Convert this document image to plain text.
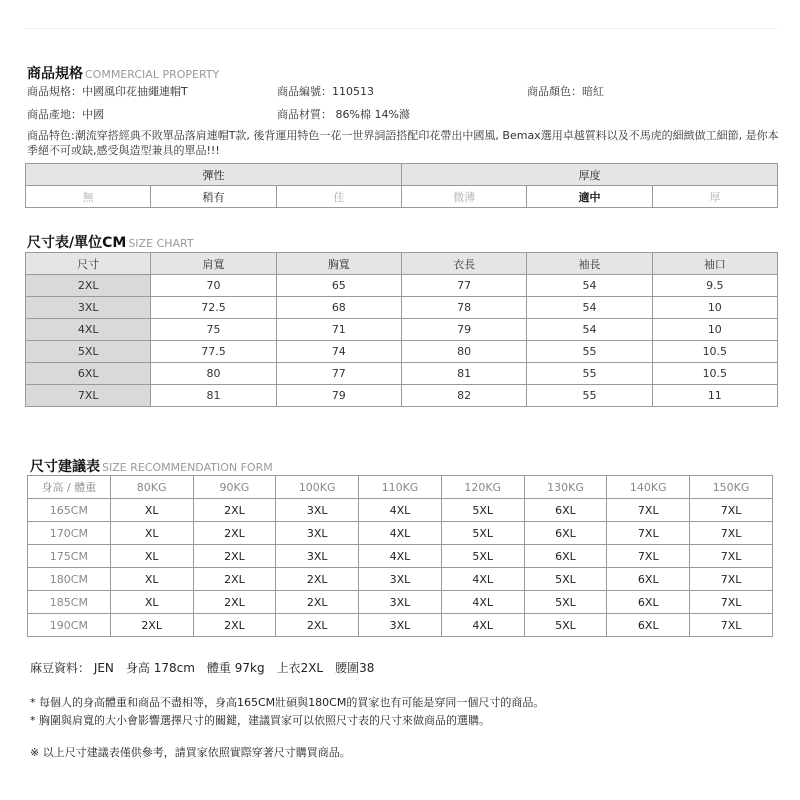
商品規格 COMMERCIAL PROPERTY
商品規格：中國風印花抽繩連帽T	商品編號：110513	商品顏色：暗紅
商品產地：中國	商品材質： 86%棉 14%滌
商品特色:潮流穿搭經典不敗單品落肩連帽T款, 後背運用特色一花一世界詞語搭配印花帶出中國風, Bemax選用卓越質料以及不馬虎的細緻做工細節, 是你本季絕不可或缺,感受與造型兼具的單品!!!
彈性			厚度		
無	稍有	佳	微薄	適中	厚
尺寸表/單位CM SIZE CHART
尺寸	肩寬	胸寬	衣長	袖長	袖口
2XL	70	65	77	54	9.5
3XL	72.5	68	78	54	10
4XL	75	71	79	54	10
5XL	77.5	74	80	55	10.5
6XL	80	77	81	55	10.5
7XL	81	79	82	55	11
尺寸建議表 SIZE RECOMMENDATION FORM
身高 / 體重	80KG	90KG	100KG	110KG	120KG	130KG	140KG	150KG
165CM	XL	2XL	3XL	4XL	5XL	6XL	7XL	7XL
170CM	XL	2XL	3XL	4XL	5XL	6XL	7XL	7XL
175CM	XL	2XL	3XL	4XL	5XL	6XL	7XL	7XL
180CM	XL	2XL	2XL	3XL	4XL	5XL	6XL	7XL
185CM	XL	2XL	2XL	3XL	4XL	5XL	6XL	7XL
190CM	2XL	2XL	2XL	3XL	4XL	5XL	6XL	7XL
麻豆資料： JEN　身高 178cm　體重 97kg　上衣2XL　腰圍38
* 每個人的身高體重和商品不盡相等，身高165CM壯碩與180CM的買家也有可能是穿同一個尺寸的商品。
* 胸圍與肩寬的大小會影響選擇尺寸的關鍵，建議買家可以依照尺寸表的尺寸來做商品的選購。
※ 以上尺寸建議表僅供參考，請買家依照實際穿著尺寸購買商品。
